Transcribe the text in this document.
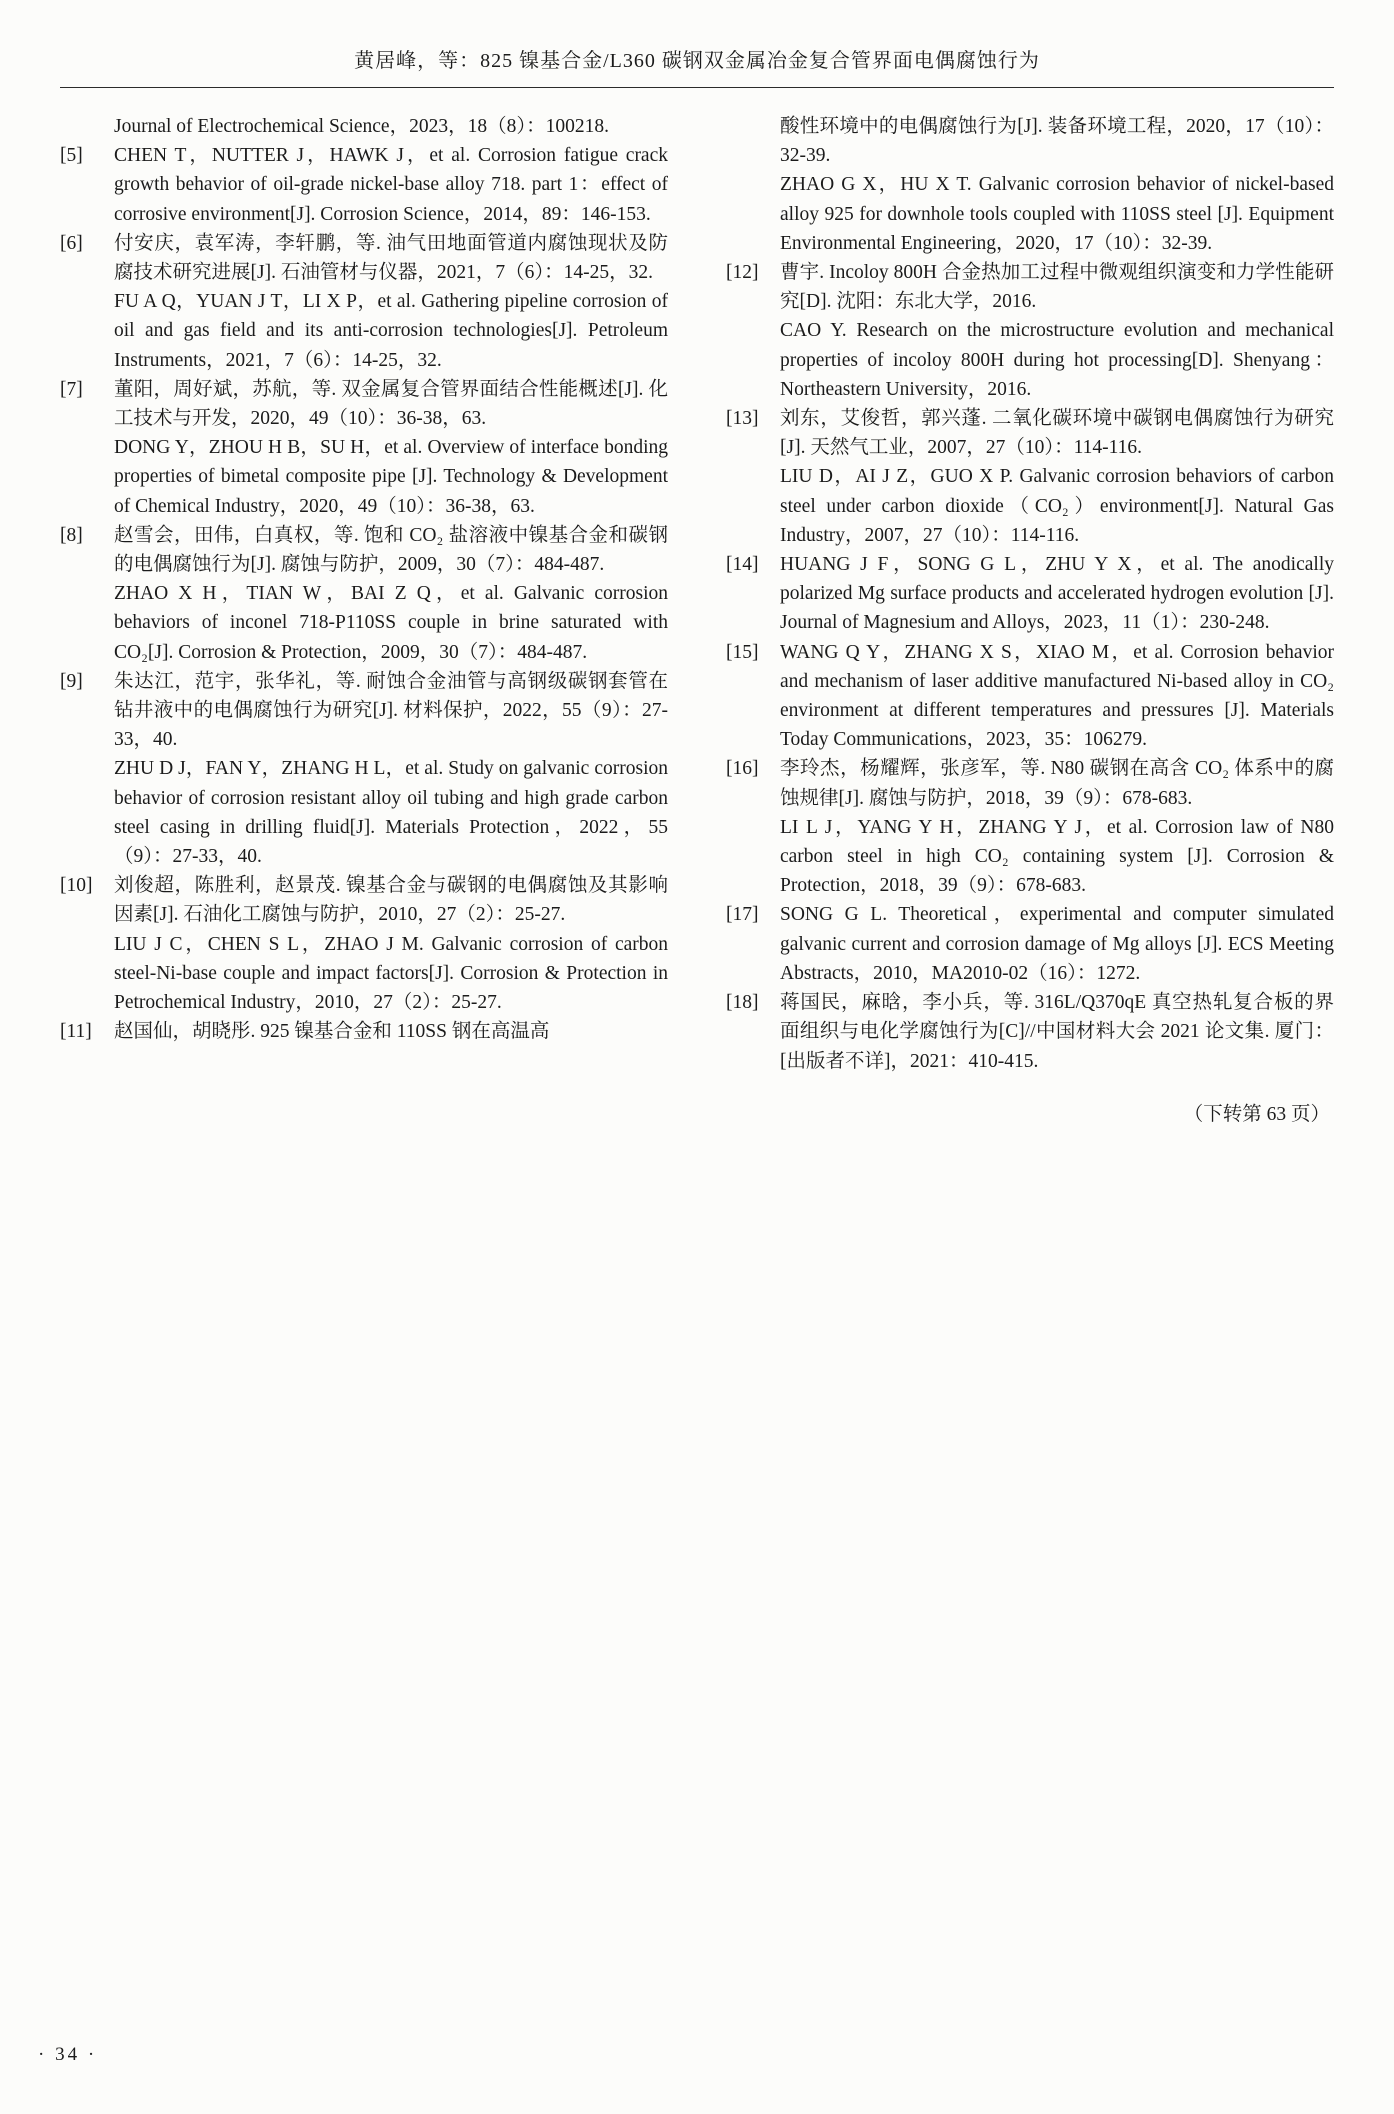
黄居峰，等：825 镍基合金/L360 碳钢双金属冶金复合管界面电偶腐蚀行为

Journal of Electrochemical Science，2023，18（8）：100218.

[5]	CHEN T，NUTTER J，HAWK J，et al. Corrosion fatigue crack growth behavior of oil-grade nickel-base alloy 718. part 1：effect of corrosive environment[J]. Corrosion Science，2014，89：146-153.

[6]	付安庆，袁军涛，李轩鹏，等. 油气田地面管道内腐蚀现状及防腐技术研究进展[J]. 石油管材与仪器，2021，7（6）：14-25，32.

FU A Q，YUAN J T，LI X P，et al. Gathering pipeline corrosion of oil and gas field and its anti-corrosion technologies[J]. Petroleum Instruments，2021，7（6）：14-25，32.

[7]	董阳，周好斌，苏航，等. 双金属复合管界面结合性能概述[J]. 化工技术与开发，2020，49（10）：36-38，63.

DONG Y，ZHOU H B，SU H，et al. Overview of interface bonding properties of bimetal composite pipe [J]. Technology & Development of Chemical Industry，2020，49（10）：36-38，63.

[8]	赵雪会，田伟，白真权，等. 饱和 CO₂ 盐溶液中镍基合金和碳钢的电偶腐蚀行为[J]. 腐蚀与防护，2009，30（7）：484-487.

ZHAO X H，TIAN W，BAI Z Q，et al. Galvanic corrosion behaviors of inconel 718-P110SS couple in brine saturated with CO₂[J]. Corrosion & Protection，2009，30（7）：484-487.

[9]	朱达江，范宇，张华礼，等. 耐蚀合金油管与高钢级碳钢套管在钻井液中的电偶腐蚀行为研究[J]. 材料保护，2022，55（9）：27-33，40.

ZHU D J，FAN Y，ZHANG H L，et al. Study on galvanic corrosion behavior of corrosion resistant alloy oil tubing and high grade carbon steel casing in drilling fluid[J]. Materials Protection，2022，55（9）：27-33，40.

[10]	刘俊超，陈胜利，赵景茂. 镍基合金与碳钢的电偶腐蚀及其影响因素[J]. 石油化工腐蚀与防护，2010，27（2）：25-27.

LIU J C，CHEN S L，ZHAO J M. Galvanic corrosion of carbon steel-Ni-base couple and impact factors[J]. Corrosion & Protection in Petrochemical Industry，2010，27（2）：25-27.

[11]	赵国仙，胡晓彤. 925 镍基合金和 110SS 钢在高温高

酸性环境中的电偶腐蚀行为[J]. 装备环境工程，2020，17（10）：32-39.

ZHAO G X，HU X T. Galvanic corrosion behavior of nickel-based alloy 925 for downhole tools coupled with 110SS steel [J]. Equipment Environmental Engineering，2020，17（10）：32-39.

[12]	曹宇. Incoloy 800H 合金热加工过程中微观组织演变和力学性能研究[D]. 沈阳：东北大学，2016.

CAO Y. Research on the microstructure evolution and mechanical properties of incoloy 800H during hot processing[D]. Shenyang：Northeastern University，2016.

[13]	刘东，艾俊哲，郭兴蓬. 二氧化碳环境中碳钢电偶腐蚀行为研究[J]. 天然气工业，2007，27（10）：114-116.

LIU D，AI J Z，GUO X P. Galvanic corrosion behaviors of carbon steel under carbon dioxide（CO₂）environment[J]. Natural Gas Industry，2007，27（10）：114-116.

[14]	HUANG J F，SONG G L，ZHU Y X，et al. The anodically polarized Mg surface products and accelerated hydrogen evolution [J]. Journal of Magnesium and Alloys，2023，11（1）：230-248.

[15]	WANG Q Y，ZHANG X S，XIAO M，et al. Corrosion behavior and mechanism of laser additive manufactured Ni-based alloy in CO₂ environment at different temperatures and pressures [J]. Materials Today Communications，2023，35：106279.

[16]	李玲杰，杨耀辉，张彦军，等. N80 碳钢在高含 CO₂ 体系中的腐蚀规律[J]. 腐蚀与防护，2018，39（9）：678-683.

LI L J，YANG Y H，ZHANG Y J，et al. Corrosion law of N80 carbon steel in high CO₂ containing system [J]. Corrosion & Protection，2018，39（9）：678-683.

[17]	SONG G L. Theoretical，experimental and computer simulated galvanic current and corrosion damage of Mg alloys [J]. ECS Meeting Abstracts，2010，MA2010-02（16）：1272.

[18]	蒋国民，麻晗，李小兵，等. 316L/Q370qE 真空热轧复合板的界面组织与电化学腐蚀行为[C]//中国材料大会 2021 论文集. 厦门：[出版者不详]，2021：410-415.

（下转第 63 页）
· 34 ·
